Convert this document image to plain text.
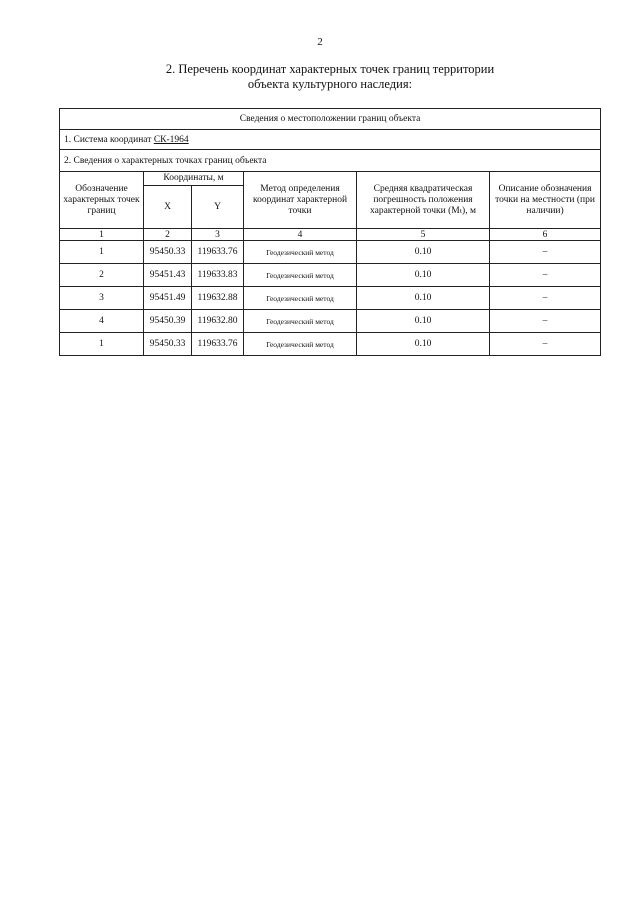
2
2. Перечень координат характерных точек границ территории
объекта культурного наследия:
Сведения о местоположении границ объекта					
1. Система координат СК-1964					
2. Сведения о характерных точках границ объекта					
Обозначение характерных точек границ	Координаты, м		Метод определения координат характерной точки	Средняя квадратическая погрешность положения характерной точки (Mₜ), м	Описание обозначения точки на местности (при наличии)
	X	Y			
1	2	3	4	5	6
1	95450.33	119633.76	Геодезический метод	0.10	–
2	95451.43	119633.83	Геодезический метод	0.10	–
3	95451.49	119632.88	Геодезический метод	0.10	–
4	95450.39	119632.80	Геодезический метод	0.10	–
1	95450.33	119633.76	Геодезический метод	0.10	–
